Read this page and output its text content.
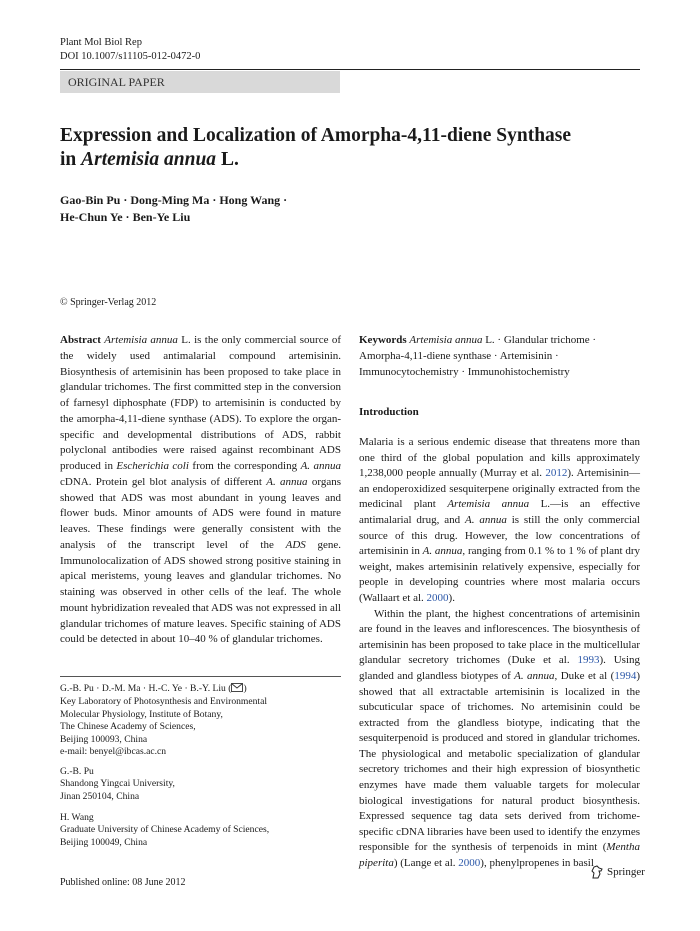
Plant Mol Biol Rep
DOI 10.1007/s11105-012-0472-0
ORIGINAL PAPER
Expression and Localization of Amorpha-4,11-diene Synthase
in Artemisia annua L.
Gao-Bin Pu · Dong-Ming Ma · Hong Wang ·
He-Chun Ye · Ben-Ye Liu
© Springer-Verlag 2012
Abstract Artemisia annua L. is the only commercial source of the widely used antimalarial compound artemisinin. Biosynthesis of artemisinin has been proposed to take place in glandular trichomes. The first committed step in the conversion of farnesyl diphosphate (FDP) to artemisinin is conducted by the amorpha-4,11-diene synthase (ADS). To explore the organ-specific and developmental distributions of ADS, rabbit polyclonal antibodies were raised against recombinant ADS produced in Escherichia coli from the corresponding A. annua cDNA. Protein gel blot analysis of different A. annua organs showed that ADS was most abundant in young leaves and flower buds. Minor amounts of ADS were found in mature leaves. These findings were generally consistent with the analysis of the transcript level of the ADS gene. Immunolocalization of ADS showed strong positive staining in apical meristems, young leaves and glandular trichomes. No staining was observed in other cells of the leaf. The whole mount hybridization revealed that ADS was not expressed in all glandular trichomes of mature leaves. Specific staining of ADS could be detected in about 10–40 % of glandular trichomes.
G.-B. Pu · D.-M. Ma · H.-C. Ye · B.-Y. Liu ( )
Key Laboratory of Photosynthesis and Environmental
Molecular Physiology, Institute of Botany,
The Chinese Academy of Sciences,
Beijing 100093, China
e-mail: benyel@ibcas.ac.cn
G.-B. Pu
Shandong Yingcai University,
Jinan 250104, China
H. Wang
Graduate University of Chinese Academy of Sciences,
Beijing 100049, China
Published online: 08 June 2012
Keywords Artemisia annua L. · Glandular trichome · Amorpha-4,11-diene synthase · Artemisinin · Immunocytochemistry · Immunohistochemistry
Introduction

Malaria is a serious endemic disease that threatens more than one third of the global population and kills approximately 1,238,000 people annually (Murray et al. 2012). Artemisinin—an endoperoxidized sesquiterpene originally extracted from the medicinal plant Artemisia annua L.—is an effective antimalarial drug, and A. annua is still the only commercial source of this drug. However, the low concentrations of artemisinin in A. annua, ranging from 0.1 % to 1 % of plant dry weight, makes artemisinin relatively expensive, especially for people in developing countries where most malaria occurs (Wallaart et al. 2000).

Within the plant, the highest concentrations of artemisinin are found in the leaves and inflorescences. The biosynthesis of artemisinin has been proposed to take place in the multicellular glandular secretory trichomes (Duke et al. 1993). Using glanded and glandless biotypes of A. annua, Duke et al (1994) showed that all extractable artemisinin is localized in the subcuticular space of trichomes. No artemisinin could be extracted from the glandless biotype, indicating that the sesquiterpenoid is produced and stored in glandular trichomes. The physiological and metabolic specialization of glandular secretory trichomes and their high expression of biosynthetic enzymes have made them valuable targets for molecular biological investigations for natural product biosynthesis. Expressed sequence tag data sets derived from trichome-specific cDNA libraries have been used to identify the enzymes responsible for the synthesis of terpenoids in mint (Mentha piperita) (Lange et al. 2000), phenylpropenes in basil

Springer
